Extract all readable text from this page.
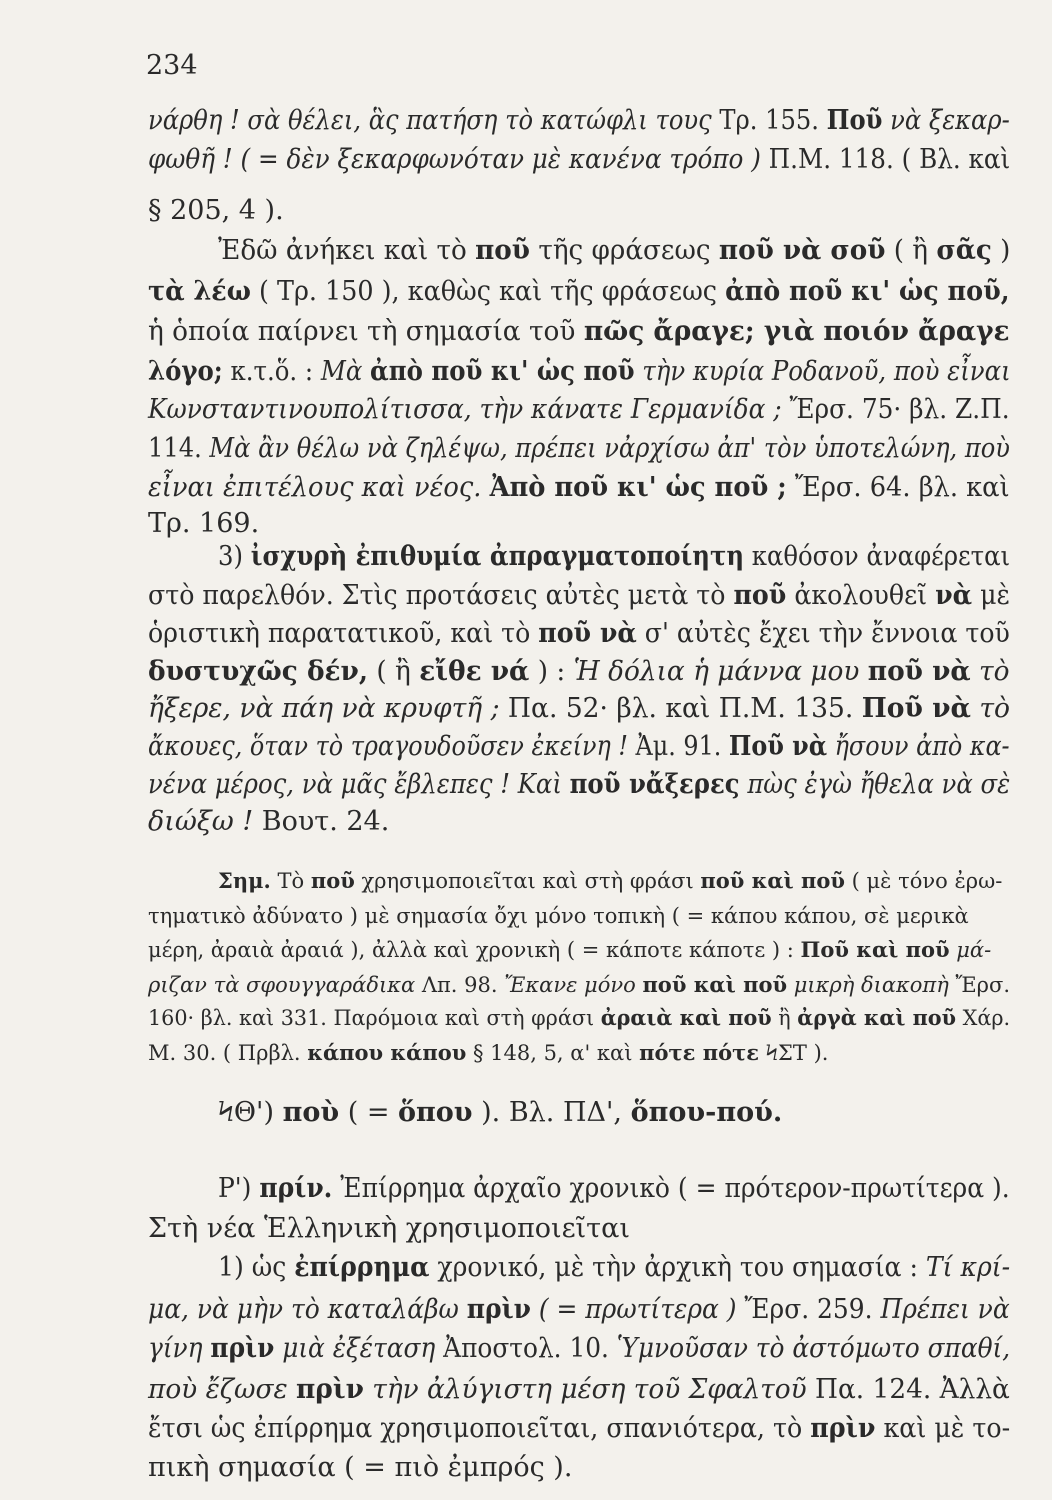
234
νάρθη ! σὰ θέλει, ἃς πατήση τὸ κατώφλι τους Τρ. 155. Ποῦ νὰ ξεκαρ-
φωθῆ ! ( = δὲν ξεκαρφωνόταν μὲ κανένα τρόπο ) Π.Μ. 118. ( Βλ. καὶ
§ 205, 4 ).
Ἐδῶ ἀνήκει καὶ τὸ ποῦ τῆς φράσεως ποῦ νὰ σοῦ ( ἢ σᾶς )
τὰ λέω ( Τρ. 150 ), καθὼς καὶ τῆς φράσεως ἀπὸ ποῦ κι' ὡς ποῦ,
ἡ ὁποία παίρνει τὴ σημασία τοῦ πῶς ἄραγε; γιὰ ποιόν ἄραγε
λόγο; κ.τ.ὅ. : Μὰ ἀπὸ ποῦ κι' ὡς ποῦ τὴν κυρία Ροδανοῦ, ποὺ εἶναι
Κωνσταντινουπολίτισσα, τὴν κάνατε Γερμανίδα ; Ἔρσ. 75· βλ. Ζ.Π.
114. Μὰ ἂν θέλω νὰ ζηλέψω, πρέπει νἀρχίσω ἀπ' τὸν ὑποτελώνη, ποὺ
εἶναι ἐπιτέλους καὶ νέος. Ἀπὸ ποῦ κι' ὡς ποῦ ; Ἔρσ. 64. βλ. καὶ
Τρ. 169.
3) ἰσχυρὴ ἐπιθυμία ἀπραγματοποίητη καθόσον ἀναφέρεται
στὸ παρελθόν. Στὶς προτάσεις αὐτὲς μετὰ τὸ ποῦ ἀκολουθεῖ νὰ μὲ
ὁριστικὴ παρατατικοῦ, καὶ τὸ ποῦ νὰ σ' αὐτὲς ἔχει τὴν ἔννοια τοῦ
δυστυχῶς δέν, ( ἢ εἴθε νά ) : Ἡ δόλια ἡ μάννα μου ποῦ νὰ τὸ
ἤξερε, νὰ πάη νὰ κρυφτῆ ; Πα. 52· βλ. καὶ Π.Μ. 135. Ποῦ νὰ τὸ
ἄκουες, ὅταν τὸ τραγουδοῦσεν ἐκείνη ! Ἀμ. 91. Ποῦ νὰ ἤσουν ἀπὸ κα-
νένα μέρος, νὰ μᾶς ἔβλεπες ! Καὶ ποῦ νἄξερες πὼς ἐγὼ ἤθελα νὰ σὲ
διώξω ! Βουτ. 24.
Σημ. Τὸ ποῦ χρησιμοποιεῖται καὶ στὴ φράσι ποῦ καὶ ποῦ ( μὲ τόνο ἐρω-
τηματικὸ ἀδύνατο ) μὲ σημασία ὄχι μόνο τοπικὴ ( = κάπου κάπου, σὲ μερικὰ
μέρη, ἀραιὰ ἀραιά ), ἀλλὰ καὶ χρονικὴ ( = κάποτε κάποτε ) : Ποῦ καὶ ποῦ μά-
ριζαν τὰ σφουγγαράδικα Λπ. 98. Ἔκανε μόνο ποῦ καὶ ποῦ μικρὴ διακοπὴ Ἔρσ.
160· βλ. καὶ 331. Παρόμοια καὶ στὴ φράσι ἀραιὰ καὶ ποῦ ἢ ἀργὰ καὶ ποῦ Χάρ.
Μ. 30. ( Πρβλ. κάπου κάπου § 148, 5, α' καὶ πότε πότε ϞΣΤ ).
ϞΘ') ποὺ ( = ὅπου ). Βλ. ΠΔ', ὅπου-πού.
Ρ') πρίν. Ἐπίρρημα ἀρχαῖο χρονικὸ ( = πρότερον-πρωτίτερα ).
Στὴ νέα Ἑλληνικὴ χρησιμοποιεῖται
1) ὡς ἐπίρρημα χρονικό, μὲ τὴν ἀρχικὴ του σημασία : Τί κρί-
μα, νὰ μὴν τὸ καταλάβω πρὶν ( = πρωτίτερα ) Ἔρσ. 259. Πρέπει νὰ
γίνη πρὶν μιὰ ἐξέταση Ἀποστολ. 10. Ὑμνοῦσαν τὸ ἀστόμωτο σπαθί,
ποὺ ἔζωσε πρὶν τὴν ἀλύγιστη μέση τοῦ Σφαλτοῦ Πα. 124. Ἀλλὰ
ἔτσι ὡς ἐπίρρημα χρησιμοποιεῖται, σπανιότερα, τὸ πρὶν καὶ μὲ το-
πικὴ σημασία ( = πιὸ ἐμπρός ).
